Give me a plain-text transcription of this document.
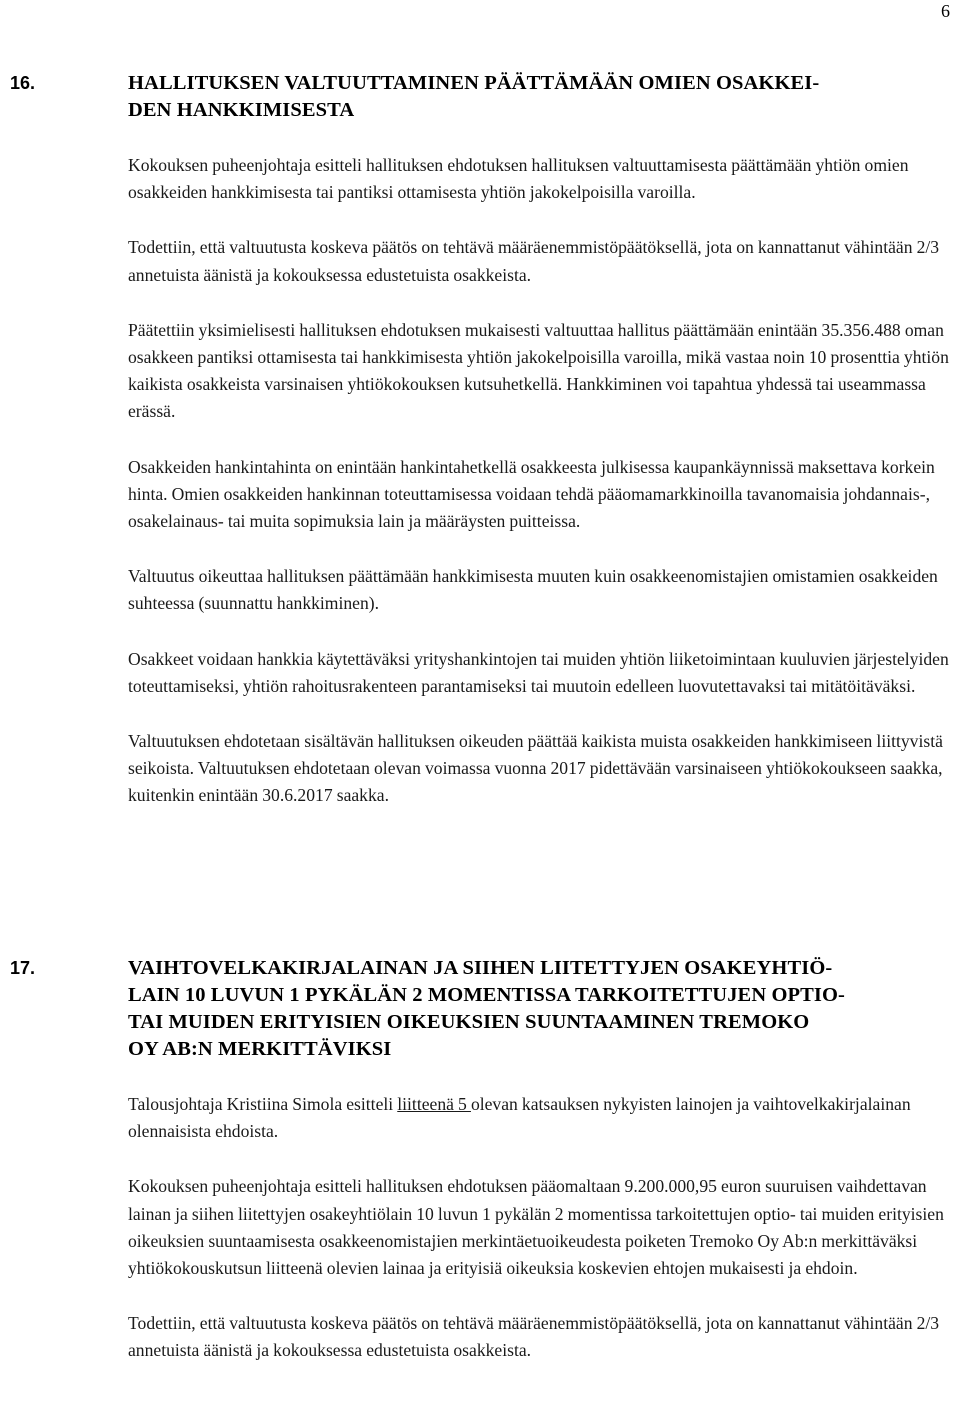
6
16.	HALLITUKSEN VALTUUTTAMINEN PÄÄTTÄMÄÄN OMIEN OSAKKEI-
DEN HANKKIMISESTA

Kokouksen puheenjohtaja esitteli hallituksen ehdotuksen hallituksen valtuuttamisesta päättämään yhtiön omien osakkeiden hankkimisesta tai pantiksi ottamisesta yhtiön jakokelpoisilla varoilla.

Todettiin, että valtuutusta koskeva päätös on tehtävä määräenemmistöpäätöksellä, jota on kannattanut vähintään 2/3 annetuista äänistä ja kokouksessa edustetuista osakkeista.

Päätettiin yksimielisesti hallituksen ehdotuksen mukaisesti valtuuttaa hallitus päättämään enintään 35.356.488 oman osakkeen pantiksi ottamisesta tai hankkimisesta yhtiön jakokelpoisilla varoilla, mikä vastaa noin 10 prosenttia yhtiön kaikista osakkeista varsinaisen yhtiökokouksen kutsuhetkellä. Hankkiminen voi tapahtua yhdessä tai useammassa erässä.

Osakkeiden hankintahinta on enintään hankintahetkellä osakkeesta julkisessa kaupankäynnissä maksettava korkein hinta. Omien osakkeiden hankinnan toteuttamisessa voidaan tehdä pääomamarkkinoilla tavanomaisia johdannais-, osakelainaus- tai muita sopimuksia lain ja määräysten puitteissa.

Valtuutus oikeuttaa hallituksen päättämään hankkimisesta muuten kuin osakkeenomistajien omistamien osakkeiden suhteessa (suunnattu hankkiminen).

Osakkeet voidaan hankkia käytettäväksi yrityshankintojen tai muiden yhtiön liiketoimintaan kuuluvien järjestelyiden toteuttamiseksi, yhtiön rahoitusrakenteen parantamiseksi tai muutoin edelleen luovutettavaksi tai mitätöitäväksi.

Valtuutuksen ehdotetaan sisältävän hallituksen oikeuden päättää kaikista muista osakkeiden hankkimiseen liittyvistä seikoista. Valtuutuksen ehdotetaan olevan voimassa vuonna 2017 pidettävään varsinaiseen yhtiökokoukseen saakka, kuitenkin enintään 30.6.2017 saakka.

17.	VAIHTOVELKAKIRJALAINAN JA SIIHEN LIITETTYJEN OSAKEYHTIÖ-
LAIN 10 LUVUN 1 PYKÄLÄN 2 MOMENTISSA TARKOITETTUJEN OPTIO-
TAI MUIDEN ERITYISIEN OIKEUKSIEN SUUNTAAMINEN TREMOKO
OY AB:N MERKITTÄVIKSI

Talousjohtaja Kristiina Simola esitteli liitteenä 5 olevan katsauksen nykyisten lainojen ja vaihtovelkakirjalainan olennaisista ehdoista.

Kokouksen puheenjohtaja esitteli hallituksen ehdotuksen pääomaltaan 9.200.000,95 euron suuruisen vaihdettavan lainan ja siihen liitettyjen osakeyhtiölain 10 luvun 1 pykälän 2 momentissa tarkoitettujen optio- tai muiden erityisien oikeuksien suuntaamisesta osakkeenomistajien merkintäetuoikeudesta poiketen Tremoko Oy Ab:n merkittäväksi yhtiökokouskutsun liitteenä olevien lainaa ja erityisiä oikeuksia koskevien ehtojen mukaisesti ja ehdoin.

Todettiin, että valtuutusta koskeva päätös on tehtävä määräenemmistöpäätöksellä, jota on kannattanut vähintään 2/3 annetuista äänistä ja kokouksessa edustetuista osakkeista.
